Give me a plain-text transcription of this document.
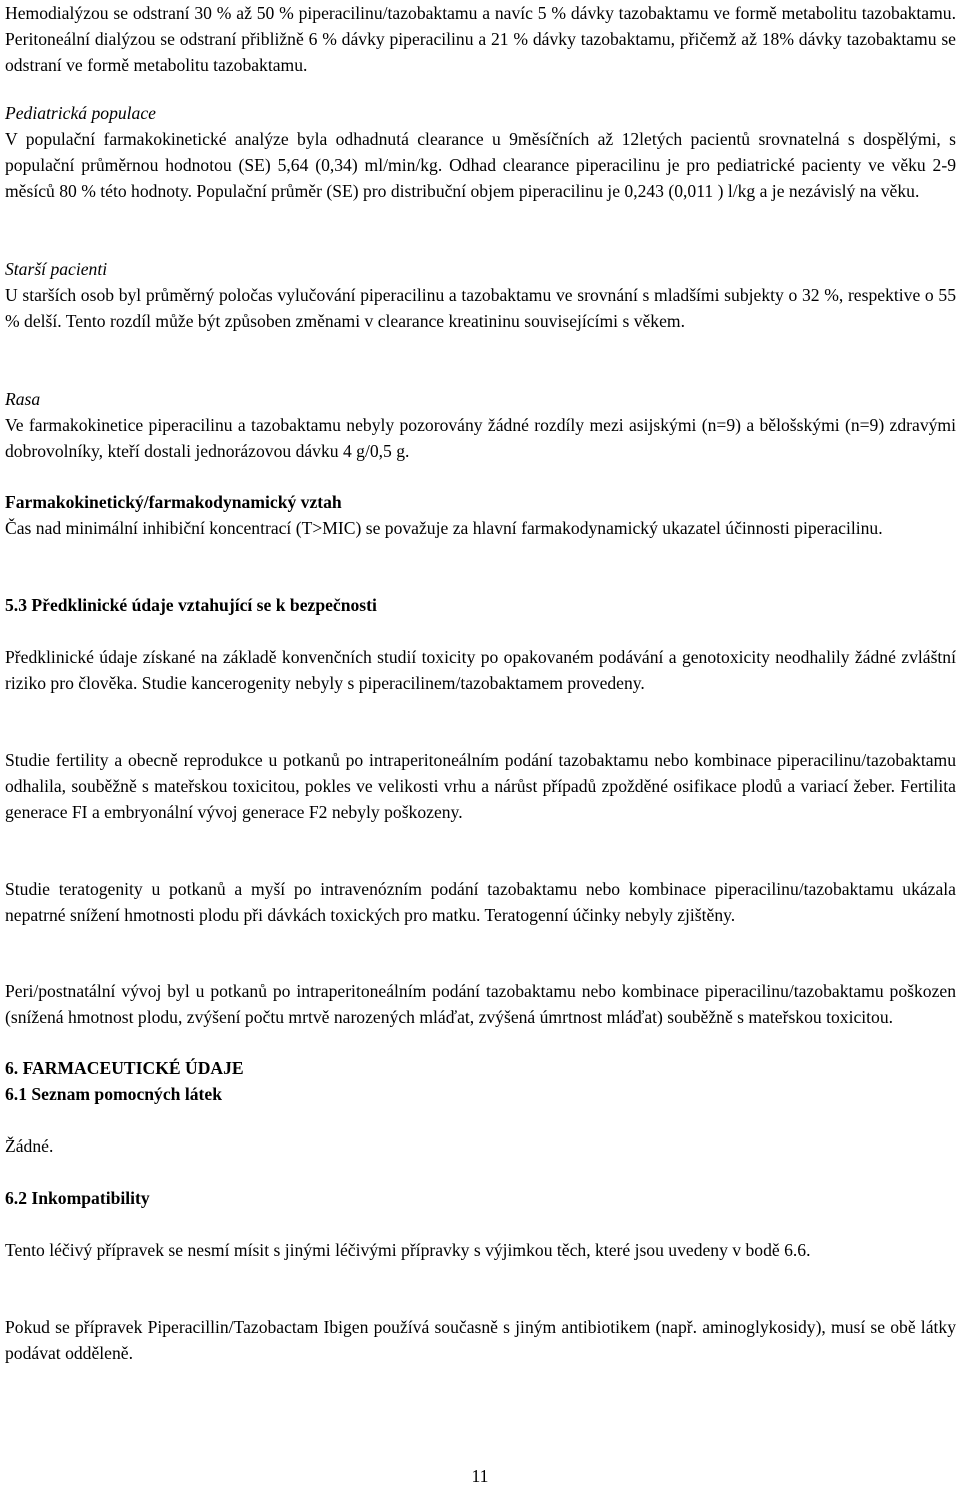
Hemodialýzou se odstraní 30 % až 50 % piperacilinu/tazobaktamu a navíc 5 % dávky tazobaktamu ve formě metabolitu tazobaktamu. Peritoneální dialýzou se odstraní přibližně 6 % dávky piperacilinu a 21 % dávky tazobaktamu, přičemž až 18% dávky tazobaktamu se odstraní ve formě metabolitu tazobaktamu.

Pediatrická populace

V populační farmakokinetické analýze byla odhadnutá clearance u 9měsíčních až 12letých pacientů srovnatelná s dospělými, s populační průměrnou hodnotou (SE) 5,64 (0,34) ml/min/kg. Odhad clearance piperacilinu je pro pediatrické pacienty ve věku 2-9 měsíců 80 % této hodnoty. Populační průměr (SE) pro distribuční objem piperacilinu je 0,243 (0,011 ) l/kg a je nezávislý na věku.

Starší pacienti

U starších osob byl průměrný poločas vylučování piperacilinu a tazobaktamu ve srovnání s mladšími subjekty o 32 %, respektive o 55 % delší. Tento rozdíl může být způsoben změnami v clearance kreatininu souvisejícími s věkem.

Rasa

Ve farmakokinetice piperacilinu a tazobaktamu nebyly pozorovány žádné rozdíly mezi asijskými (n=9) a bělošskými (n=9) zdravými dobrovolníky, kteří dostali jednorázovou dávku 4 g/0,5 g.

Farmakokinetický/farmakodynamický vztah

Čas nad minimální inhibiční koncentrací (T>MIC) se považuje za hlavní farmakodynamický ukazatel účinnosti piperacilinu.

5.3 Předklinické údaje vztahující se k bezpečnosti

Předklinické údaje získané na základě konvenčních studií toxicity po opakovaném podávání a genotoxicity neodhalily žádné zvláštní riziko pro člověka. Studie kancerogenity nebyly s piperacilinem/tazobaktamem provedeny.

Studie fertility a obecně reprodukce u potkanů po intraperitoneálním podání tazobaktamu nebo kombinace piperacilinu/tazobaktamu odhalila, souběžně s mateřskou toxicitou, pokles ve velikosti vrhu a nárůst případů zpožděné osifikace plodů a variací žeber. Fertilita generace FI a embryonální vývoj generace F2 nebyly poškozeny.

Studie teratogenity u potkanů a myší po intravenózním podání tazobaktamu nebo kombinace piperacilinu/tazobaktamu ukázala nepatrné snížení hmotnosti plodu při dávkách toxických pro matku. Teratogenní účinky nebyly zjištěny.

Peri/postnatální vývoj byl u potkanů po intraperitoneálním podání tazobaktamu nebo kombinace piperacilinu/tazobaktamu poškozen (snížená hmotnost plodu, zvýšení počtu mrtvě narozených mláďat, zvýšená úmrtnost mláďat) souběžně s mateřskou toxicitou.

6. FARMACEUTICKÉ ÚDAJE

6.1 Seznam pomocných látek

Žádné.

6.2 Inkompatibility

Tento léčivý přípravek se nesmí mísit s jinými léčivými přípravky s výjimkou těch, které jsou uvedeny v bodě 6.6.

Pokud se přípravek Piperacillin/Tazobactam Ibigen používá současně s jiným antibiotikem (např. aminoglykosidy), musí se obě látky podávat odděleně.

11
